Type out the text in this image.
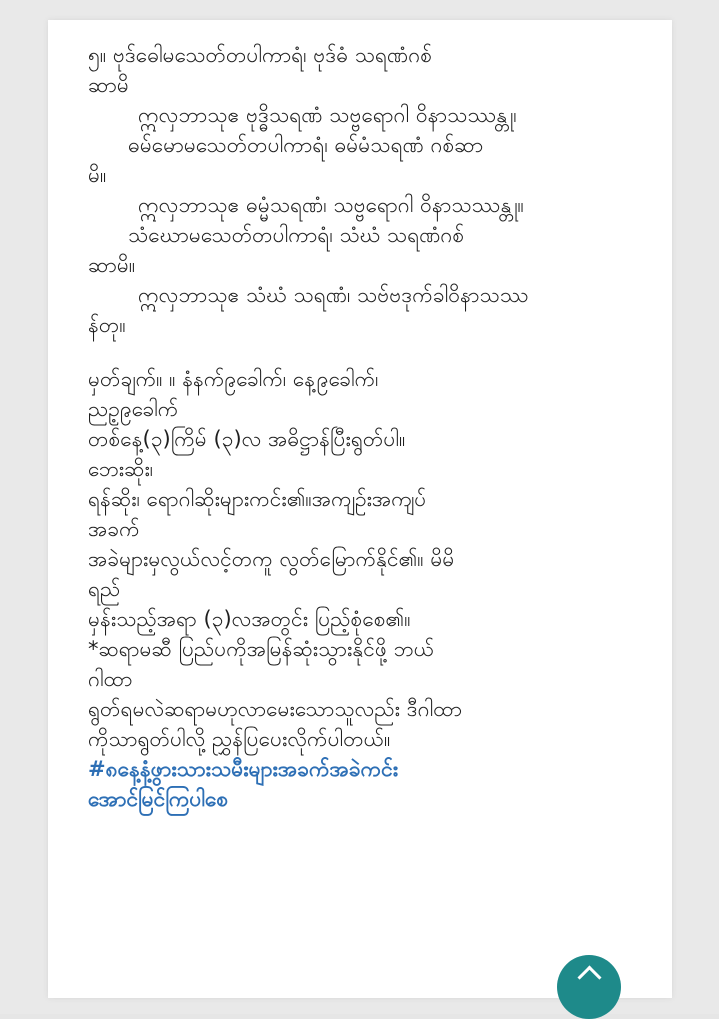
၅။ ဗုဒ်ဓေါမသေတ်တပါကာရံ၊ ဗုဒ်ဓံ သရဏံဂစ်
ဆာမိ
ဣလှဘာသုဧ ဗုဒ္ဓိသရဏံ သဗ္ဗရောဂါ ဝိနာသဿန္တု၊
ဓမ်မောမသေတ်တပါကာရံ၊ ဓမ်မံသရဏံ ဂစ်ဆာ
မိ။
ဣလှဘာသုဧ ဓမ္မံသရဏံ၊ သဗ္ဗရောဂါ ဝိနာသဿန္တု။
သံဃောမသေတ်တပါကာရံ၊ သံဃံ သရဏံဂစ်
ဆာမိ။
ဣလှဘာသုဧ သံဃံ သရဏံ၊ သဗ်ဗဒုက်ခါဝိနာသဿ
န်တု။
မှတ်ချက်။ ။ နံနက်၉ခေါက်၊ နေ့၉ခေါက်၊
ညဥ့၉ခေါက်
တစ်နေ့(၃)ကြိမ် (၃)လ အဓိဋ္ဌာန်ပြီးရွတ်ပါ။
ဘေးဆိုး၊
ရန်ဆိုး၊ ရောဂါဆိုးများကင်း၏။အကျဉ်းအကျပ်
အခက်
အခဲများမှလွယ်လင့်တကူ လွတ်မြောက်နိုင်၏။ မိမိ
ရည်
မှန်းသည့်အရာ (၃)လအတွင်း ပြည့်စုံစေ၏။
*ဆရာမဆီ ပြည်ပကိုအမြန်ဆုံးသွားနိုင်ဖို့ ဘယ်
ဂါထာ
ရွတ်ရမလဲဆရာမဟုလာမေးသောသူလည်း ဒီဂါထာ
ကိုသာရွတ်ပါလို့ ညွှန်ပြပေးလိုက်ပါတယ်။
#၈နေ့နံ့ဖွားသားသမီးများအခက်အခဲကင်း
အောင်မြင်ကြပါစေ
